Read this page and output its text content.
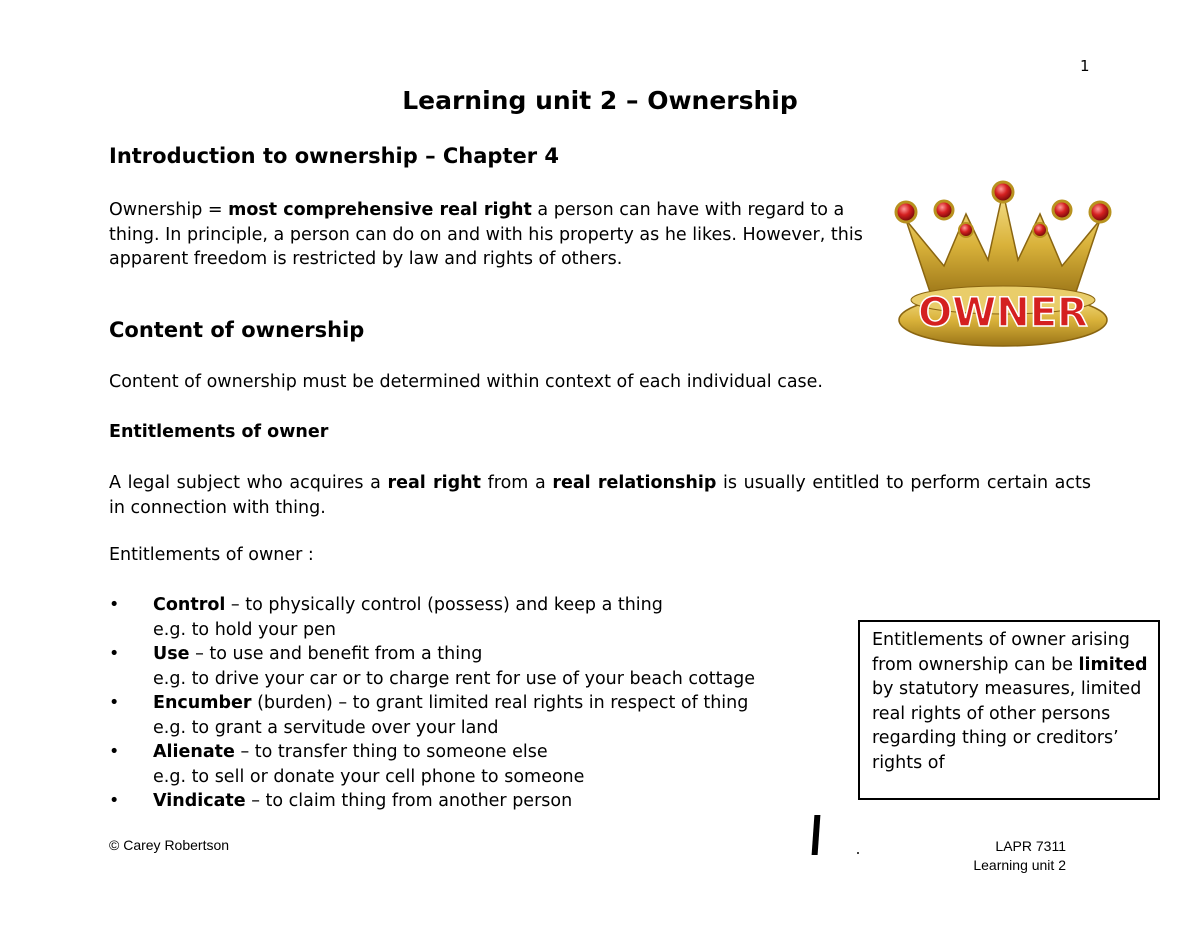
1
Learning unit 2 – Ownership
Introduction to ownership – Chapter 4
Ownership = most comprehensive real right a person can have with regard to a thing. In principle, a person can do on and with his property as he likes. However, this apparent freedom is restricted by law and rights of others.
OWNER
Content of ownership
Content of ownership must be determined within context of each individual case.
Entitlements of owner
A legal subject who acquires a real right from a real relationship is usually entitled to perform certain acts in connection with thing.
Entitlements of owner :
• Control – to physically control (possess) and keep a thing
e.g. to hold your pen
• Use – to use and benefit from a thing
e.g. to drive your car or to charge rent for use of your beach cottage
• Encumber (burden) – to grant limited real rights in respect of thing
e.g. to grant a servitude over your land
• Alienate – to transfer thing to someone else
e.g. to sell or donate your cell phone to someone
• Vindicate – to claim thing from another person
Entitlements of owner arising from ownership can be limited by statutory measures, limited real rights of other persons regarding thing or creditors’ rights of
© Carey Robertson	LAPR 7311
Learning unit 2
